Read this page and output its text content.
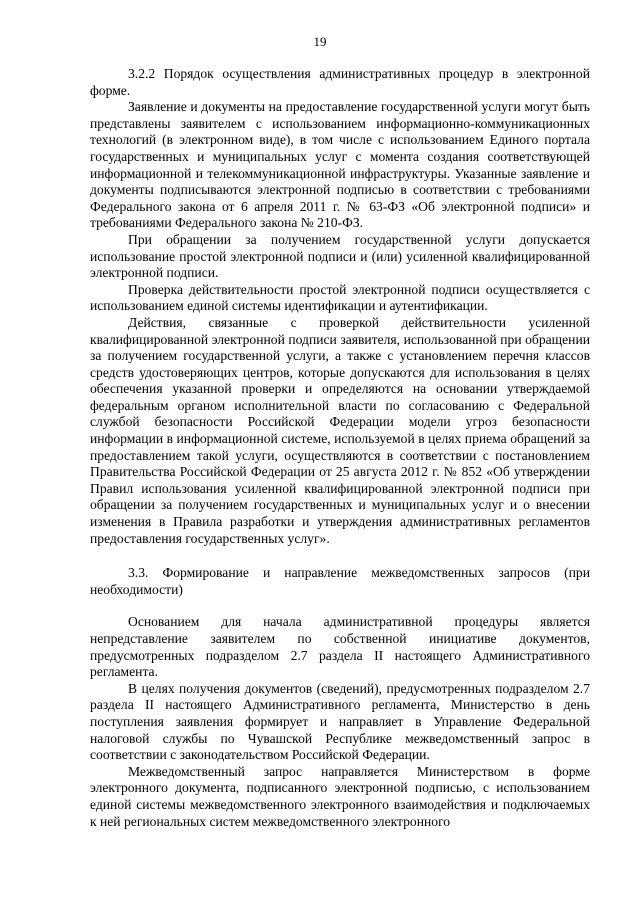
19

3.2.2 Порядок осуществления административных процедур в электронной форме.

Заявление и документы на предоставление государственной услуги могут быть представлены заявителем с использованием информационно-коммуникационных технологий (в электронном виде), в том числе с использованием Единого портала государственных и муниципальных услуг с момента создания соответствующей информационной и телекоммуникационной инфраструктуры. Указанные заявление и документы подписываются электронной подписью в соответствии с требованиями Федерального закона от 6 апреля 2011 г. № 63-ФЗ «Об электронной подписи» и требованиями Федерального закона № 210-ФЗ.

При обращении за получением государственной услуги допускается использование простой электронной подписи и (или) усиленной квалифицированной электронной подписи.

Проверка действительности простой электронной подписи осуществляется с использованием единой системы идентификации и аутентификации.

Действия, связанные с проверкой действительности усиленной квалифицированной электронной подписи заявителя, использованной при обращении за получением государственной услуги, а также с установлением перечня классов средств удостоверяющих центров, которые допускаются для использования в целях обеспечения указанной проверки и определяются на основании утверждаемой федеральным органом исполнительной власти по согласованию с Федеральной службой безопасности Российской Федерации модели угроз безопасности информации в информационной системе, используемой в целях приема обращений за предоставлением такой услуги, осуществляются в соответствии с постановлением Правительства Российской Федерации от 25 августа 2012 г. № 852 «Об утверждении Правил использования усиленной квалифицированной электронной подписи при обращении за получением государственных и муниципальных услуг и о внесении изменения в Правила разработки и утверждения административных регламентов предоставления государственных услуг».

3.3. Формирование и направление межведомственных запросов (при необходимости)

Основанием для начала административной процедуры является непредставление заявителем по собственной инициативе документов, предусмотренных подразделом 2.7 раздела II настоящего Административного регламента.

В целях получения документов (сведений), предусмотренных подразделом 2.7 раздела II настоящего Административного регламента, Министерство в день поступления заявления формирует и направляет в Управление Федеральной налоговой службы по Чувашской Республике межведомственный запрос в соответствии с законодательством Российской Федерации.

Межведомственный запрос направляется Министерством в форме электронного документа, подписанного электронной подписью, с использованием единой системы межведомственного электронного взаимодействия и подключаемых к ней региональных систем межведомственного электронного
